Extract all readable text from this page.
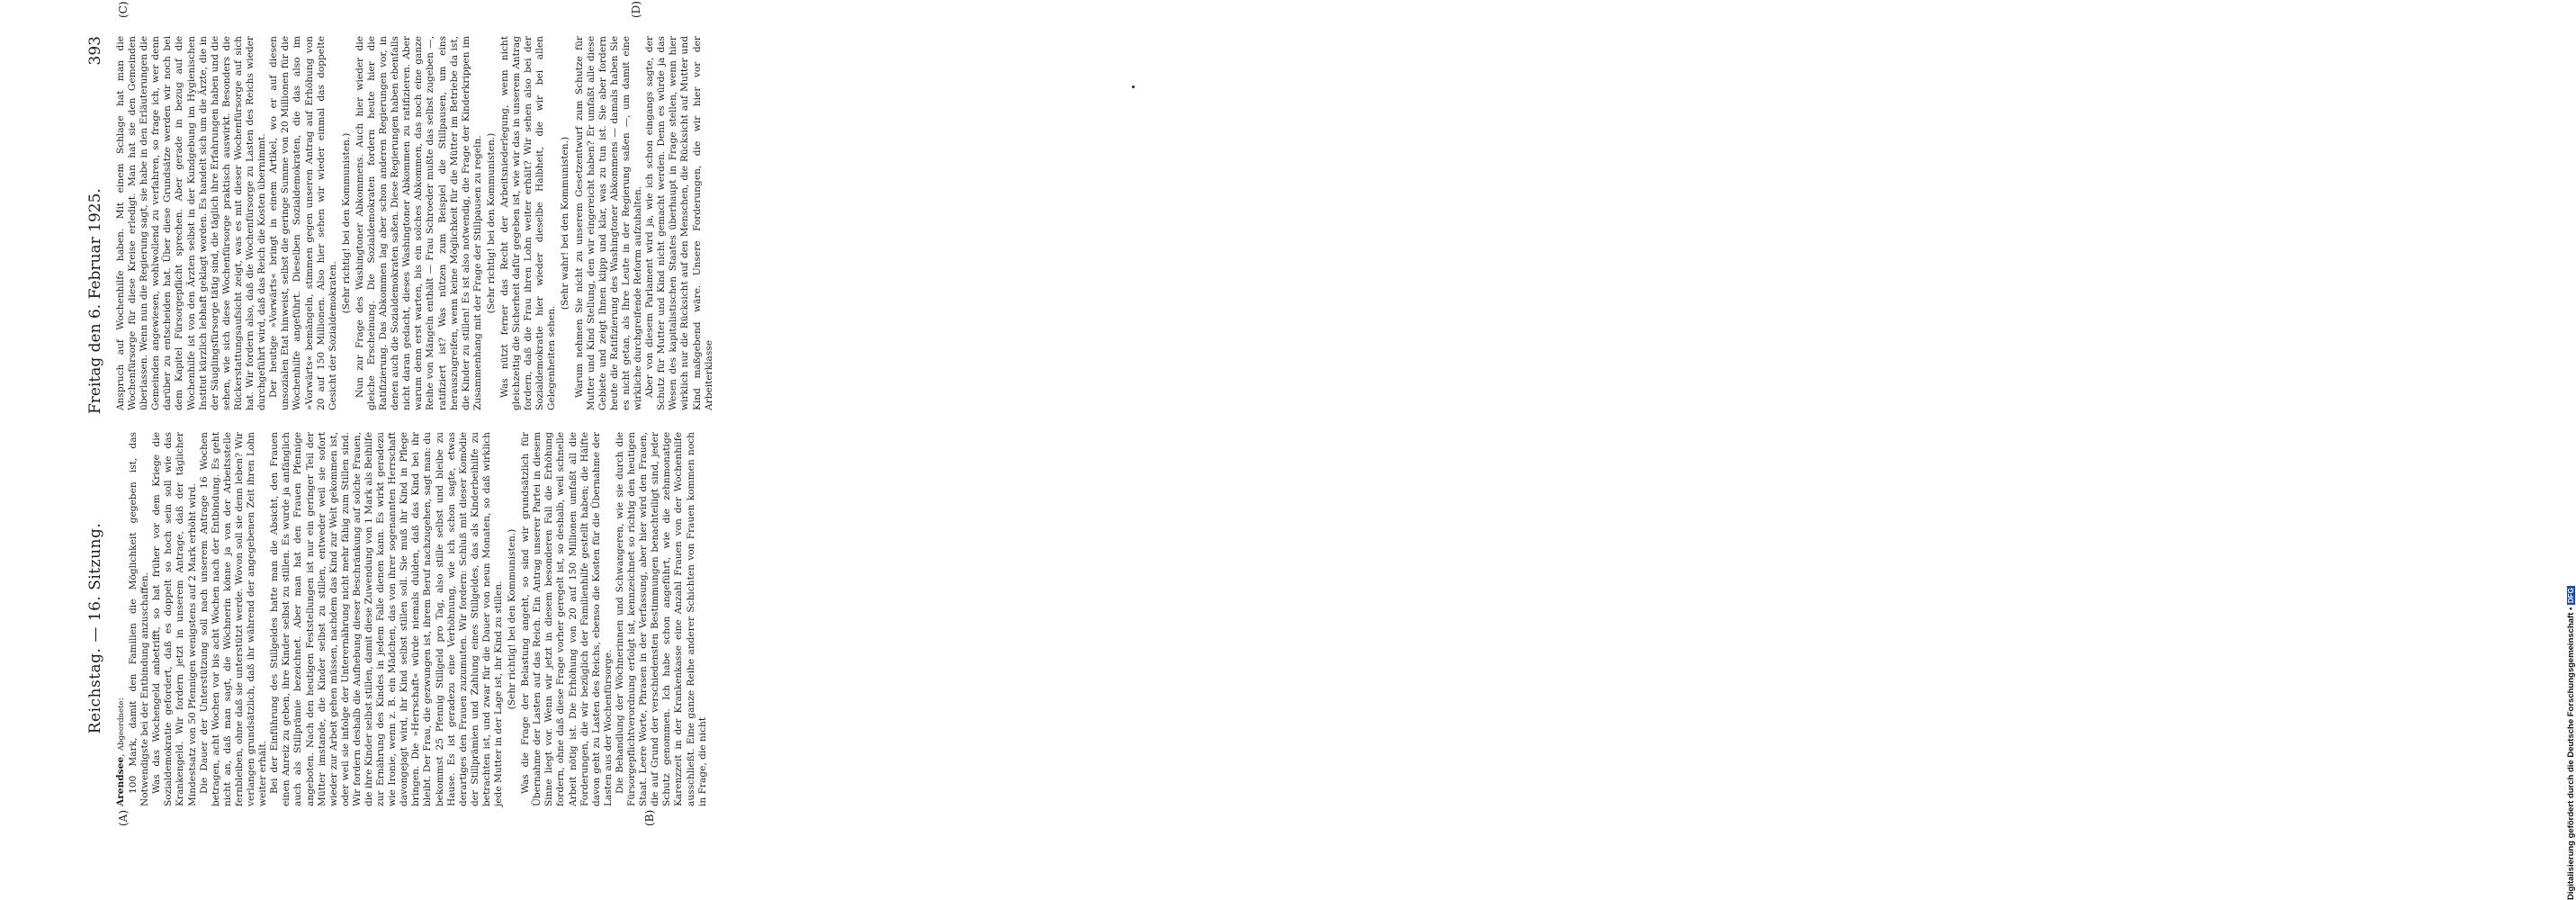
Reichstag. — 16. Sitzung.
Freitag den 6. Februar 1925.
393
(A)	(B)
(C)	(D)

Arendsee, Abgeordnete: 100 Mark, damit den Familien die Möglichkeit gegeben ist, das Notwendigste bei der Entbindung anzuschaffen. Was das Wochengeld anbetrifft, so hat früher vor dem Kriege die Sozialdemokratie gefordert, daß es doppelt so hoch sein soll wie das Krankengeld. Wir fordern jetzt in unserem Antrage, daß der täglicher Mindestsatz von 50 Pfennigen wenigstens auf 2 Mark erhöht wird. Die Dauer der Unterstützung soll nach unserem Antrage 16 Wochen betragen, acht Wochen vor bis acht Wochen nach der Entbindung. Es geht nicht an, daß man sagt, die Wöchnerin könne ja von der Arbeitsstelle fernbleiben, ohne daß sie unterstützt werde. Wovon soll sie denn leben? Wir verlangen grundsätzlich, daß ihr während der angegebenen Zeit ihren Lohn weiter erhält. Bei der Einführung des Stillgeldes hatte man die Absicht, den Frauen einen Anreiz zu geben, ihre Kinder selbst zu stillen. Es wurde ja anfänglich auch als Stillprämie bezeichnet. Aber man hat den Frauen Pfennige angeboten. Nach den heutigen Feststellungen ist nur ein geringer Teil der Mütter imstande, die Kinder selbst zu stillen, entweder weil sie sofort wieder zur Arbeit gehen müssen, nachdem das Kind zur Welt gekommen ist, oder weil sie infolge der Unterernährung nicht mehr fähig zum Stillen sind. Wir fordern deshalb die Aufhebung dieser Beschränkung auf solche Frauen, die ihre Kinder selbst stillen, damit diese Zuwendung von 1 Mark als Beihilfe zur Ernährung des Kindes in jedem Falle dienen kann. Es wirkt geradezu wie Ironie, wenn z. B. ein Mädchen, das von ihrer sogenannten Herrschaft davongejagt wird, ihr Kind selbst stillen soll. Sie muß ihr Kind in Pflege bringen. Die »Herrschaft« würde niemals dulden, daß das Kind bei ihr bleibt. Der Frau, die gezwungen ist, ihrem Beruf nachzugehen, sagt man: du bekommst 25 Pfennig Stillgeld pro Tag, also stille selbst und bleibe zu Hause. Es ist geradezu eine Verhöhnung, wie ich schon sagte, etwas derartiges den Frauen zuzumuten. Wir fordern: Schluß mit dieser Komödie der Stillprämien und Zahlung eines Stillgeldes, das als Kinderbeihilfe zu betrachten ist, und zwar für die Dauer von neun Monaten, so daß wirklich jede Mutter in der Lage ist, ihr Kind zu stillen. (Sehr richtig! bei den Kommunisten.) Was die Frage der Belastung angeht, so sind wir grundsätzlich für Übernahme der Lasten auf das Reich. Ein Antrag unserer Partei in diesem Sinne liegt vor. Wenn wir jetzt in diesem besonderen Fall die Erhöhung fordern, ohne daß diese Frage vorher geregelt ist, so deshalb, weil schnelle Arbeit nötig ist. Die Erhöhung von 20 auf 150 Millionen umfaßt all die Forderungen, die wir bezüglich der Familienhilfe gestellt haben; die Hälfte davon geht zu Lasten des Reichs, ebenso die Kosten für die Übernahme der Lasten aus der Wochenfürsorge. Die Behandlung der Wöchnerinnen und Schwangeren, wie sie durch die Fürsorgepflichtverordnung erfolgt ist, kennzeichnet so richtig den heutigen Staat. Leere Worte, Phrasen in der Verfassung, aber hier wird den Frauen, die auf Grund der verschiedensten Bestimmungen benachteiligt sind, jeder Schutz genommen. Ich habe schon angeführt, wie die zehnmonatige Karenzzeit in der Krankenkasse eine Anzahl Frauen von der Wochenhilfe ausschließt. Eine ganze Reihe anderer Schichten von Frauen kommen noch in Frage, die nicht

Anspruch auf Wochenhilfe haben. Mit einem Schlage hat man die Wochenfürsorge für diese Kreise erledigt. Man hat sie den Gemeinden überlassen. Wenn nun die Regierung sagt, sie habe in den Erläuterungen die Gemeinden angewiesen, wohlwollend zu verfahren, so frage ich, wer denn darüber zu entscheiden hat. Über diese Grundsätze werden wir noch bei dem Kapitel Fürsorgepflicht sprechen. Aber gerade in bezug auf die Wochenhilfe ist von den Ärzten selbst in der Kundgebung im Hygienischen Institut kürzlich lebhaft geklagt worden. Es handelt sich um die Ärzte, die in der Säuglingsfürsorge tätig sind, die täglich ihre Erfahrungen haben und die sehen, wie sich diese Wochenfürsorge praktisch auswirkt. Besonders die Rückerstattungsaufsicht zeigt, was es mit dieser Wochenfürsorge auf sich hat. Wir fordern also, daß die Wochenfürsorge zu Lasten des Reichs wieder durchgeführt wird, daß das Reich die Kosten übernimmt. Der heutige »Vorwärts« bringt in einem Artikel, wo er auf diesen unsozialen Etat hinweist, selbst die geringe Summe von 20 Millionen für die Wochenhilfe angeführt. Dieselben Sozialdemokraten, die das also im »Vorwärts« bemängeln, stimmen gegen unseren Antrag auf Erhöhung von 20 auf 150 Millionen. Also hier sehen wir wieder einmal das doppelte Gesicht der Sozialdemokraten.

(Sehr richtig! bei den Kommunisten.) Nun zur Frage des Washingtoner Abkommens. Auch hier wieder die gleiche Erscheinung. Die Sozialdemokraten fordern heute hier die Ratifizierung. Das Abkommen lag aber schon anderen Regierungen vor, in denen auch die Sozialdemokraten saßen. Diese Regierungen haben ebenfalls nicht daran gedacht, dieses Washingtoner Abkommen zu ratifizieren. Aber warum denn erst warten, bis ein solches Abkommen, das noch eine ganze Reihe von Mängeln enthält — Frau Schroeder mußte das selbst zugeben —, ratifiziert ist? Was nützen zum Beispiel die Stillpausen, um eins herauszugreifen, wenn keine Möglichkeit für die Mütter im Betriebe da ist, die Kinder zu stillen! Es ist also notwendig, die Frage der Kinderkrippen im Zusammenhang mit der Frage der Stillpausen zu regeln. (Sehr richtig! bei den Kommunisten.) Was nützt ferner das Recht der Arbeitsniederlegung, wenn nicht gleichzeitig die Sicherheit dafür gegeben ist, wie wir das in unserem Antrag fordern, daß die Frau ihren Lohn weiter erhält? Wir sehen also bei der Sozialdemokratie hier wieder dieselbe Halbheit, die wir bei allen Gelegenheiten sehen.

(Sehr wahr! bei den Kommunisten.) Warum nehmen Sie nicht zu unserem Gesetzentwurf zum Schutze für Mutter und Kind Stellung, den wir eingereicht haben? Er umfaßt alle diese Gebiete und zeigt Ihnen klipp und klar, was zu tun ist. Sie aber fordern heute die Ratifizierung des Washingtoner Abkommens — damals haben Sie es nicht getan, als Ihre Leute in der Regierung saßen —, um damit eine wirkliche durchgreifende Reform aufzuhalten. Aber von diesem Parlament wird ja, wie ich schon eingangs sagte, der Schutz für Mutter und Kind nicht gemacht werden. Denn es würde ja das Wesen des kapitalistischen Staates überhaupt in Frage stellen, wenn hier wirklich nur die Rücksicht auf den Menschen, die Rücksicht auf Mutter und Kind maßgebend wäre. Unsere Forderungen, die wir hier vor der Arbeiterklasse

Digitalisierung gefördert durch die Deutsche Forschungsgemeinschaft • DFG
